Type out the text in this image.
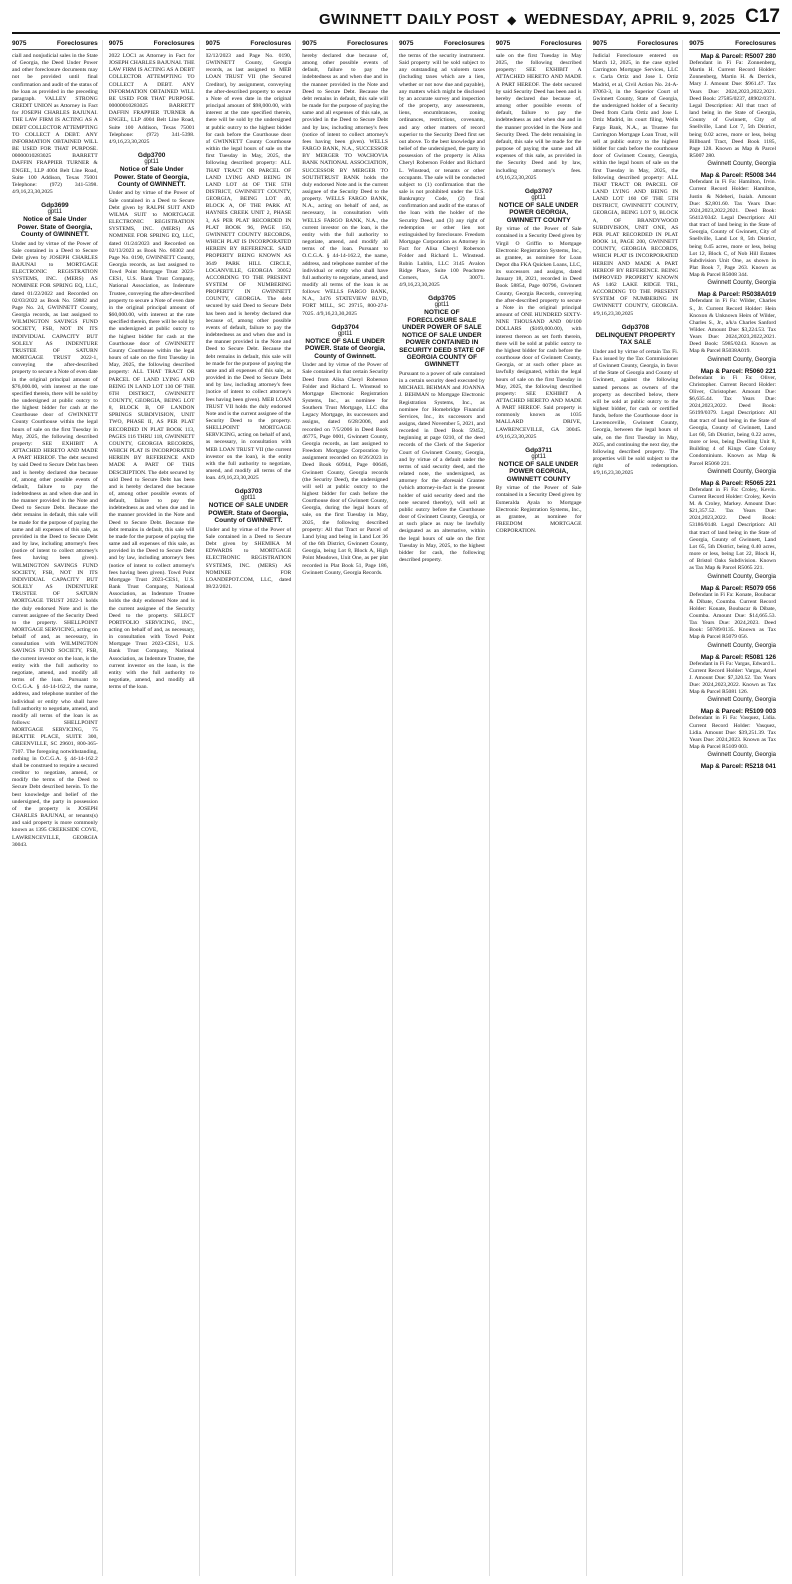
GWINNETT DAILY POST ◆ WEDNESDAY, APRIL 9, 2025 C17
9075	Foreclosures
ciall and nonjudicial sales in the State of Georgia, the Deed Under Power and other foreclosure documents may not be provided until final confirmation and audit of the status of the loan as provided in the preceding paragraph. VALLEY STRONG CREDIT UNION as Attorney in Fact for JOSEPH CHARLES BAJUNAI. THE LAW FIRM IS ACTING AS A DEBT COLLECTOR ATTEMPTING TO COLLECT A DEBT. ANY INFORMATION OBTAINED WILL BE USED FOR THAT PURPOSE. 00000010283025 BARRETT DAFFIN FRAPPIER TURNER & ENGEL, LLP 4004 Belt Line Road, Suite 100 Addison, Texas 75001 Telephone: (972) 341-5398. 4/9,16,23,30,2025
Gdp3699
gpt11
Notice of Sale Under Power. State of Georgia, County of GWINNETT.
Under and by virtue of the Power of Sale contained in a Deed to Secure Debt given by JOSEPH CHARLES BAJUNAI to MORTGAGE ELECTRONIC REGISTRATION SYSTEMS, INC. (MERS) AS NOMINEE FOR SPRING EQ, LLC, dated 01/22/2022 and Recorded on 02/03/2022 as Book No. 59882 and Page No. 24, GWINNETT County, Georgia records, as last assigned to WILMINGTON SAVINGS FUND SOCIETY, FSB, NOT IN ITS INDIVIDUAL CAPACITY BUT SOLELY AS INDENTURE TRUSTEE OF SATURN MORTGAGE TRUST 2022-1, conveying the after-described property to secure a Note of even date in the original principal amount of $76,000.00, with interest at the rate specified therein, there will be sold by the undersigned at public outcry to the highest bidder for cash at the Courthouse door of GWINNETT County Courthouse within the legal hours of sale on the first Tuesday in May, 2025, the following described property: SEE EXHIBIT A ATTACHED HERETO AND MADE A PART HEREOF. The debt secured by said Deed to Secure Debt has been and is hereby declared due because of, among other possible events of default, failure to pay the indebtedness as and when due and in the manner provided in the Note and Deed to Secure Debt. Because the debt remains in default, this sale will be made for the purpose of paying the same and all expenses of this sale, as provided in the Deed to Secure Debt and by law, including attorney's fees (notice of intent to collect attorney's fees having been given). WILMINGTON SAVINGS FUND SOCIETY, FSB, NOT IN ITS INDIVIDUAL CAPACITY BUT SOLELY AS INDENTURE TRUSTEE OF SATURN MORTGAGE TRUST 2022-1 holds the duly endorsed Note and is the current assignee of the Security Deed to the property. SHELLPOINT MORTGAGE SERVICING, acting on behalf of and, as necessary, in consultation with WILMINGTON SAVINGS FUND SOCIETY, FSB, the current investor on the loan, is the entity with the full authority to negotiate, amend, and modify all terms of the loan. Pursuant to O.C.G.A. § 44-14-162.2, the name, address, and telephone number of the individual or entity who shall have full authority to negotiate, amend, and modify all terms of the loan is as follows: SHELLPOINT MORTGAGE SERVICING, 75 BEATTIE PLACE, SUITE 300, GREENVILLE, SC 29601, 800-365-7107. The foregoing notwithstanding, nothing in O.C.G.A. § 44-14-162.2 shall be construed to require a secured creditor to negotiate, amend, or modify the terms of the Deed to Secure Debt described herein. To the best knowledge and belief of the undersigned, the party in possession of the property is JOSEPH CHARLES BAJUNAI, or tenants(s) and said property is more commonly known as 1395 CREEKSIDE COVE, LAWRENCEVILLE, GEORGIA 30043.
9075	Foreclosures
2022 LOC1 as Attorney in Fact for JOSEPH CHARLES BAJUNAI. THE LAW FIRM IS ACTING AS A DEBT COLLECTOR ATTEMPTING TO COLLECT A DEBT. ANY INFORMATION OBTAINED WILL BE USED FOR THAT PURPOSE. 00000010283025 BARRETT DAFFIN FRAPPIER TURNER & ENGEL, LLP 4004 Belt Line Road, Suite 100 Addison, Texas 75001 Telephone: (972) 341-5398. 4/9,16,23,30,2025
Gdp3700
gpt11
Notice of Sale Under Power. State of Georgia, County of GWINNETT.
Under and by virtue of the Power of Sale contained in a Deed to Secure Debt given by RALPH SUIT AND WILMA SUIT to MORTGAGE ELECTRONIC REGISTRATION SYSTEMS, INC. (MERS) AS NOMINEE FOR SPRING EQ, LLC, dated 01/24/2023 and Recorded on 02/13/2023 as Book No. 60302 and Page No. 0190, GWINNETT County, Georgia records, as last assigned to Towd Point Mortgage Trust 2023-CES1, U.S. Bank Trust Company, National Association, as Indenture Trustee, conveying the after-described property to secure a Note of even date in the original principal amount of $60,000.00, with interest at the rate specified therein, there will be sold by the undersigned at public outcry to the highest bidder for cash at the Courthouse door of GWINNETT County Courthouse within the legal hours of sale on the first Tuesday in May, 2025, the following described property: ALL THAT TRACT OR PARCEL OF LAND LYING AND BEING IN LAND LOT 130 OF THE 6TH DISTRICT, GWINNETT COUNTY, GEORGIA, BEING LOT 8, BLOCK B, OF LANDON SPRINGS SUBDIVISION, UNIT TWO, PHASE II, AS PER PLAT RECORDED IN PLAT BOOK 113, PAGES 116 THRU 118, GWINNETT COUNTY, GEORGIA RECORDS, WHICH PLAT IS INCORPORATED HEREIN BY REFERENCE AND MADE A PART OF THIS DESCRIPTION. The debt secured by said Deed to Secure Debt has been and is hereby declared due because of, among other possible events of default, failure to pay the indebtedness as and when due and in the manner provided in the Note and Deed to Secure Debt. Because the debt remains in default, this sale will be made for the purpose of paying the same and all expenses of this sale, as provided in the Deed to Secure Debt and by law, including attorney's fees (notice of intent to collect attorney's fees having been given). Towd Point Mortgage Trust 2023-CES1, U.S. Bank Trust Company, National Association, as Indenture Trustee holds the duly endorsed Note and is the current assignee of the Security Deed to the property. SELECT PORTFOLIO SERVICING, INC., acting on behalf of and, as necessary, in consultation with Towd Point Mortgage Trust 2023-CES1, U.S. Bank Trust Company, National Association, as Indenture Trustee, the current investor on the loan, is the entity with the full authority to negotiate, amend, and modify all terms of the loan.
9075	Foreclosures
02/12/2023 and Page No. 0190, GWINNETT County, Georgia records, as last assigned to MEB LOAN TRUST VII (the Secured Creditor), by assignment, conveying the after-described property to secure a Note of even date in the original principal amount of $98,000.00, with interest at the rate specified therein, there will be sold by the undersigned at public outcry to the highest bidder for cash before the Courthouse door of GWINNETT County Courthouse within the legal hours of sale on the first Tuesday in May, 2025, the following described property: ALL THAT TRACT OR PARCEL OF LAND LYING AND BEING IN LAND LOT 44 OF THE 5TH DISTRICT, GWINNETT COUNTY, GEORGIA, BEING LOT 40, BLOCK A, OF THE PARK AT HAYNES CREEK UNIT 2, PHASE 3, AS PER PLAT RECORDED IN PLAT BOOK 96, PAGE 150, GWINNETT COUNTY RECORDS, WHICH PLAT IS INCORPORATED HEREIN BY REFERENCE. SAID PROPERTY BEING KNOWN AS 3649 PARK HILL CIRCLE, LOGANVILLE, GEORGIA 30052 ACCORDING TO THE PRESENT SYSTEM OF NUMBERING PROPERTY IN GWINNETT COUNTY, GEORGIA. The debt secured by said Deed to Secure Debt has been and is hereby declared due because of, among other possible events of default, failure to pay the indebtedness as and when due and in the manner provided in the Note and Deed to Secure Debt. Because the debt remains in default, this sale will be made for the purpose of paying the same and all expenses of this sale, as provided in the Deed to Secure Debt and by law, including attorney's fees (notice of intent to collect attorney's fees having been given). MEB LOAN TRUST VII holds the duly endorsed Note and is the current assignee of the Security Deed to the property. SHELLPOINT MORTGAGE SERVICING, acting on behalf of and, as necessary, in consultation with MEB LOAN TRUST VII (the current investor on the loan), is the entity with the full authority to negotiate, amend, and modify all terms of the loan. 4/9,16,23,30,2025
Gdp3703
gpt11
NOTICE OF SALE UNDER POWER. State of Georgia, County of GWINNETT.
Under and by virtue of the Power of Sale contained in a Deed to Secure Debt given by SHEMIKA M EDWARDS to MORTGAGE ELECTRONIC REGISTRATION SYSTEMS, INC. (MERS) AS NOMINEE FOR LOANDEPOT.COM, LLC, dated 08/22/2021.
9075	Foreclosures
hereby declared due because of, among other possible events of default, failure to pay the indebtedness as and when due and in the manner provided in the Note and Deed to Secure Debt. Because the debt remains in default, this sale will be made for the purpose of paying the same and all expenses of this sale, as provided in the Deed to Secure Debt and by law, including attorney's fees (notice of intent to collect attorney's fees having been given). WELLS FARGO BANK, N.A., SUCCESSOR BY MERGER TO WACHOVIA BANK NATIONAL ASSOCIATION, SUCCESSOR BY MERGER TO SOUTHTRUST BANK holds the duly endorsed Note and is the current assignee of the Security Deed to the property. WELLS FARGO BANK, N.A., acting on behalf of and, as necessary, in consultation with WELLS FARGO BANK, N.A., the current investor on the loan, is the entity with the full authority to negotiate, amend, and modify all terms of the loan. Pursuant to O.C.G.A. § 44-14-162.2, the name, address, and telephone number of the individual or entity who shall have full authority to negotiate, amend, and modify all terms of the loan is as follows: WELLS FARGO BANK, N.A., 3476 STATEVIEW BLVD, FORT MILL, SC 29715, 800-274-7025. 4/9,16,23,30,2025
Gdp3704
gpt11
NOTICE OF SALE UNDER POWER. State of Georgia, County of Gwinnett.
Under and by virtue of the Power of Sale contained in that certain Security Deed from Alisa Cheryl Roberson Folder and Richard L. Winstead to Mortgage Electronic Registration Systems, Inc., as nominee for Southern Trust Mortgage, LLC dba Legacy Mortgage, its successors and assigns, dated 6/28/2006, and recorded on 7/5/2006 in Deed Book 46775, Page 0001, Gwinnett County, Georgia records, as last assigned to Freedom Mortgage Corporation by assignment recorded on 8/26/2023 in Deed Book 60944, Page 00646, Gwinnett County, Georgia records (the Security Deed), the undersigned will sell at public outcry to the highest bidder for cash before the Courthouse door of Gwinnett County, Georgia, during the legal hours of sale, on the first Tuesday in May, 2025, the following described property: All that Tract or Parcel of Land lying and being in Land Lot 36 of the 6th District, Gwinnett County, Georgia, being Lot 8, Block A, High Point Meadows, Unit One, as per plat recorded in Plat Book 51, Page 186, Gwinnett County, Georgia Records.
9075	Foreclosures
the terms of the security instrument. Said property will be sold subject to any outstanding ad valorem taxes (including taxes which are a lien, whether or not now due and payable), any matters which might be disclosed by an accurate survey and inspection of the property, any assessments, liens, encumbrances, zoning ordinances, restrictions, covenants, and any other matters of record superior to the Security Deed first set out above. To the best knowledge and belief of the undersigned, the party in possession of the property is Alisa Cheryl Roberson Folder and Richard L. Winstead, or tenants or other occupants. The sale will be conducted subject to (1) confirmation that the sale is not prohibited under the U.S. Bankruptcy Code, (2) final confirmation and audit of the status of the loan with the holder of the Security Deed, and (3) any right of redemption or other lien not extinguished by foreclosure. Freedom Mortgage Corporation as Attorney in Fact for Alisa Cheryl Roberson Folder and Richard L. Winstead. Rubin Lublin, LLC 3145 Avalon Ridge Place, Suite 100 Peachtree Corners, GA 30071. 4/9,16,23,30,2025
Gdp3705
gpt11
NOTICE OF FORECLOSURE SALE UNDER POWER OF SALE NOTICE OF SALE UNDER POWER CONTAINED IN SECURITY DEED STATE OF GEORGIA COUNTY OF GWINNETT
Pursuant to a power of sale contained in a certain security deed executed by MICHAEL BEHMAN and JOANNA J. BEHMAN to Mortgage Electronic Registration Systems, Inc., as nominee for Homebridge Financial Services, Inc., its successors and assigns, dated November 5, 2021, and recorded in Deed Book 59452, beginning at page 0210, of the deed records of the Clerk of the Superior Court of Gwinnett County, Georgia, and by virtue of a default under the terms of said security deed, and the related note, the undersigned, as attorney for the aforesaid Grantee (which attorney-in-fact is the present holder of said security deed and the note secured thereby), will sell at public outcry before the Courthouse door of Gwinnett County, Georgia, or at such place as may be lawfully designated as an alternative, within the legal hours of sale on the first Tuesday in May, 2025, to the highest bidder for cash, the following described property.
9075	Foreclosures
sale on the first Tuesday in May 2025, the following described property: SEE EXHIBIT A ATTACHED HERETO AND MADE A PART HEREOF. The debt secured by said Security Deed has been and is hereby declared due because of, among other possible events of default, failure to pay the indebtedness as and when due and in the manner provided in the Note and Security Deed. The debt remaining in default, this sale will be made for the purpose of paying the same and all expenses of this sale, as provided in the Security Deed and by law, including attorney's fees. 4/9,16,23,30,2025
Gdp3707
gpt11
NOTICE OF SALE UNDER POWER GEORGIA, GWINNETT COUNTY
By virtue of the Power of Sale contained in a Security Deed given by Virgil O Griffin to Mortgage Electronic Registration Systems, Inc., as grantee, as nominee for Loan Depot dba FKA Quicken Loans, LLC, its successors and assigns, dated January 18, 2021, recorded in Deed Book 58854, Page 00796, Gwinnett County, Georgia Records, conveying the after-described property to secure a Note in the original principal amount of ONE HUNDRED SIXTY-NINE THOUSAND AND 00/100 DOLLARS ($169,000.00), with interest thereon as set forth therein, there will be sold at public outcry to the highest bidder for cash before the courthouse door of Gwinnett County, Georgia, or at such other place as lawfully designated, within the legal hours of sale on the first Tuesday in May, 2025, the following described property: SEE EXHIBIT A ATTACHED HERETO AND MADE A PART HEREOF. Said property is commonly known as 1035 MALLARD DRIVE, LAWRENCEVILLE, GA 30045. 4/9,16,23,30,2025
Gdp3711
gpt11
NOTICE OF SALE UNDER POWER GEORGIA, GWINNETT COUNTY
By virtue of the Power of Sale contained in a Security Deed given by Esmeralda Ayala to Mortgage Electronic Registration Systems, Inc., as grantee, as nominee for FREEDOM MORTGAGE CORPORATION.
9075	Foreclosures
Judicial Foreclosure entered on March 12, 2025, in the case styled Carrington Mortgage Services, LLC v. Carla Ortiz and Jose L Ortiz Madrid, et al, Civil Action No. 24-A-07063-3, in the Superior Court of Gwinnett County, State of Georgia, the undersigned holder of a Security Deed from Carla Ortiz and Jose L Ortiz Madrid, its court filing, Wells Fargo Bank, N.A., as Trustee for Carrington Mortgage Loan Trust, will sell at public outcry to the highest bidder for cash before the courthouse door of Gwinnett County, Georgia, within the legal hours of sale on the first Tuesday in May, 2025, the following described property: ALL THAT TRACT OR PARCEL OF LAND LYING AND BEING IN LAND LOT 160 OF THE 5TH DISTRICT, GWINNETT COUNTY, GEORGIA, BEING LOT 9, BLOCK A, OF BRANDYWOOD SUBDIVISION, UNIT ONE, AS PER PLAT RECORDED IN PLAT BOOK 14, PAGE 200, GWINNETT COUNTY, GEORGIA RECORDS, WHICH PLAT IS INCORPORATED HEREIN AND MADE A PART HEREOF BY REFERENCE. BEING IMPROVED PROPERTY KNOWN AS 1462 LAKE RIDGE TRL, ACCORDING TO THE PRESENT SYSTEM OF NUMBERING IN GWINNETT COUNTY, GEORGIA. 4/9,16,23,30,2025
Gdp3708
DELINQUENT PROPERTY TAX SALE
Under and by virtue of certain Tax Fi. Fa.s issued by the Tax Commissioner of Gwinnett County, Georgia, in favor of the State of Georgia and County of Gwinnett, against the following named persons as owners of the property as described below, there will be sold at public outcry to the highest bidder, for cash or certified funds, before the Courthouse door in Lawrenceville, Gwinnett County, Georgia, between the legal hours of sale, on the first Tuesday in May, 2025, and continuing the next day, the following described property. The properties will be sold subject to the right of redemption. 4/9,16,23,30,2025
9075	Foreclosures
Map & Parcel: R5007 280
Defendant in Fi Fa: Zonnenberg, Martin H. Current Record Holder: Zonnenberg, Martin H. & Derrick, Mary J. Amount Due: $961.47. Tax Years Due: 2024,2023,2022,2021. Deed Book: 27585/0237, 48902/0374. Legal Description: All that tract of land being in the State of Georgia, County of Gwinnett, City of Snellville, Land Lot 7, 5th District, being 0.02 acres, more or less, being Billboard Tract, Deed Book 1185, Page 128. Known as Map & Parcel R5007 280.
Gwinnett County, Georgia
Map & Parcel: R5008 344
Defendant in Fi Fa: Hamilton, Irvin. Current Record Holder: Hamilton, Justin & Ndeheri, Isaiah. Amount Due: $2,801.60. Tax Years Due: 2024,2023,2022,2021. Deed Book: 56412/0342. Legal Description: All that tract of land being in the State of Georgia, County of Gwinnett, City of Snellville, Land Lot 8, 5th District, being 0.45 acres, more or less, being Lot 12, Block C, of Nob Hill Estates Subdivision Unit One, as shown in Plat Book 7, Page 263. Known as Map & Parcel R5008 344.
Gwinnett County, Georgia
Map & Parcel: R5038A019
Defendant in Fi Fa: Wilder, Charles S., Jr. Current Record Holder: Hein Knoxon & Unknown Heirs of Wilder, Charles S., Jr., a/k/a Charles Sanford Wilder. Amount Due: $3,224.53. Tax Years Due: 2024,2023,2022,2021. Deed Book: 5985/0243. Known as Map & Parcel R5038A019.
Gwinnett County, Georgia
Map & Parcel: R5060 221
Defendant in Fi Fa: Oliver, Christopher. Current Record Holder: Oliver, Christopher. Amount Due: $6,635.44. Tax Years Due: 2024,2023,2022. Deed Book: 56199/0379. Legal Description: All that tract of land being in the State of Georgia, County of Gwinnett, Land Lot 60, 5th District, being 0.22 acres, more or less, being Dwelling Unit 8, Building 4 of Kings Gate Colony Condominium. Known as Map & Parcel R5060 221.
Gwinnett County, Georgia
Map & Parcel: R5065 221
Defendant in Fi Fa: Croley, Kevin. Current Record Holder: Croley, Kevin M. & Croley, Markey. Amount Due: $21,357.52. Tax Years Due: 2024,2023,2022. Deed Book: 53186/0148. Legal Description: All that tract of land being in the State of Georgia, County of Gwinnett, Land Lot 65, 5th District, being 0.40 acres, more or less, being Lot 22, Block H, of Bristol Oaks Subdivision. Known as Tax Map & Parcel R5065 221.
Gwinnett County, Georgia
Map & Parcel: R5079 056
Defendant in Fi Fa: Konate, Boubacar & Dibate, Coumba. Current Record Holder: Konate, Boubacar & Dibate, Coumba. Amount Due: $14,665.53. Tax Years Due: 2024,2023. Deed Book: 50789/0135. Known as Tax Map & Parcel R5079 056.
Gwinnett County, Georgia
Map & Parcel: R5081 126
Defendant in Fi Fa: Vargas, Edward L. Current Record Holder: Vargas, Arnel J. Amount Due: $7,320.52. Tax Years Due: 2024,2023,2022. Known as Tax Map & Parcel R5081 126.
Gwinnett County, Georgia
Map & Parcel: R5109 003
Defendant in Fi Fa: Vasquez, Lidia. Current Record Holder: Vasquez, Lidia. Amount Due: $39,251.39. Tax Years Due: 2024,2023. Known as Tax Map & Parcel R5109 003.
Gwinnett County, Georgia
Map & Parcel: R5218 041
